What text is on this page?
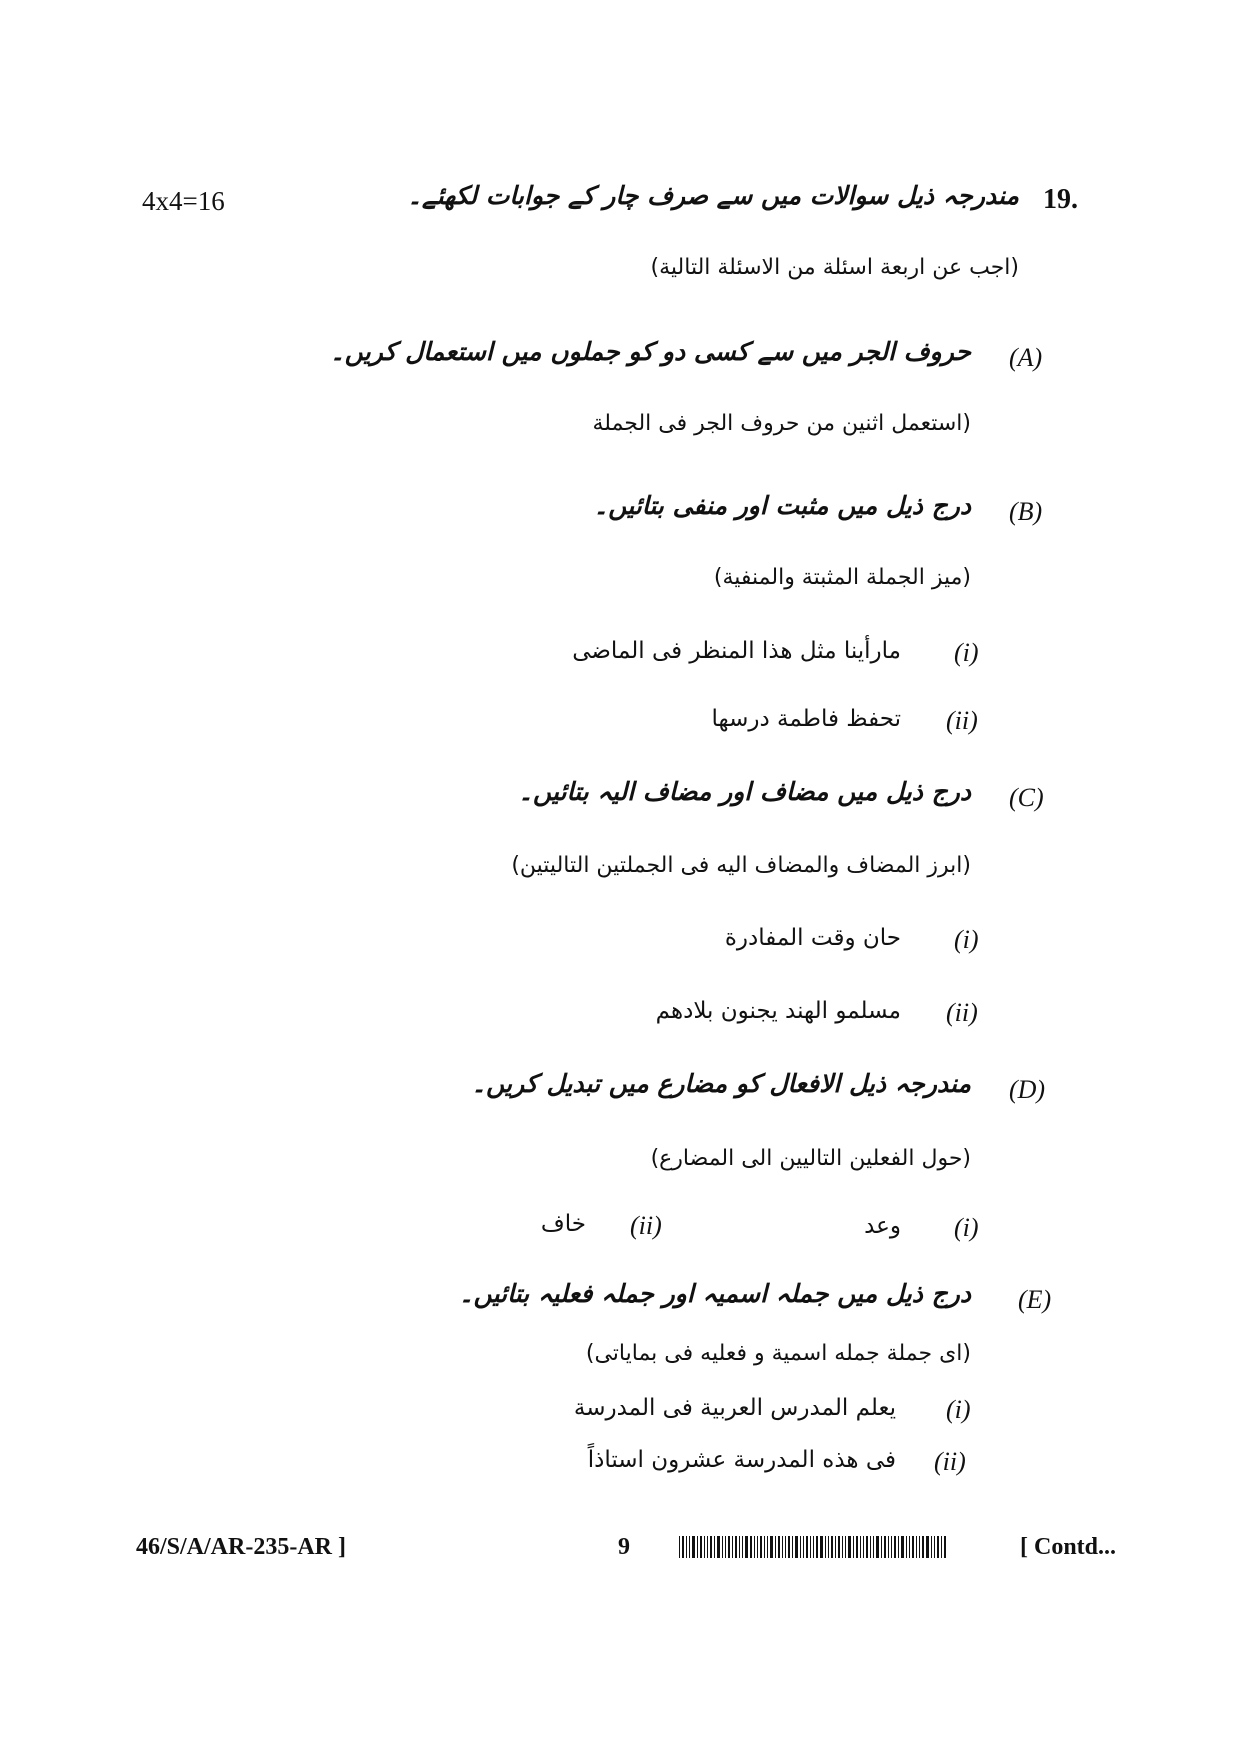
4x4=16	19.
مندرجہ ذیل سوالات میں سے صرف چار کے جوابات لکھئے۔
(اجب عن اربعة اسئلة من الاسئلة التالية)
(A)
حروف الجر میں سے کسی دو کو جملوں میں استعمال کریں۔
(استعمل اثنین من حروف الجر فی الجملة
(B)
درج ذیل میں مثبت اور منفی بتائیں۔
(میز الجملة المثبتة والمنفیة)
(i)
مارأینا مثل هذا المنظر فی الماضی
(ii)
تحفظ فاطمة درسها
(C)
درج ذیل میں مضاف اور مضاف الیہ بتائیں۔
(ابرز المضاف والمضاف الیه فی الجملتین التالیتین)
(i)
حان وقت المفادرة
(ii)
مسلمو الهند یجنون بلادهم
(D)
مندرجہ ذیل الافعال کو مضارع میں تبدیل کریں۔
(حول الفعلین التالیین الی المضارع)
(i)
وعد
(ii)
خاف
(E)
درج ذیل میں جملہ اسمیہ اور جملہ فعلیہ بتائیں۔
(ای جملة جمله اسمیة و فعلیه فی بمایاتی)
(i)
یعلم المدرس العربیة فی المدرسة
(ii)
فی هذه المدرسة عشرون استاذاً
46/S/A/AR-235-AR ]	9	[ Contd...
